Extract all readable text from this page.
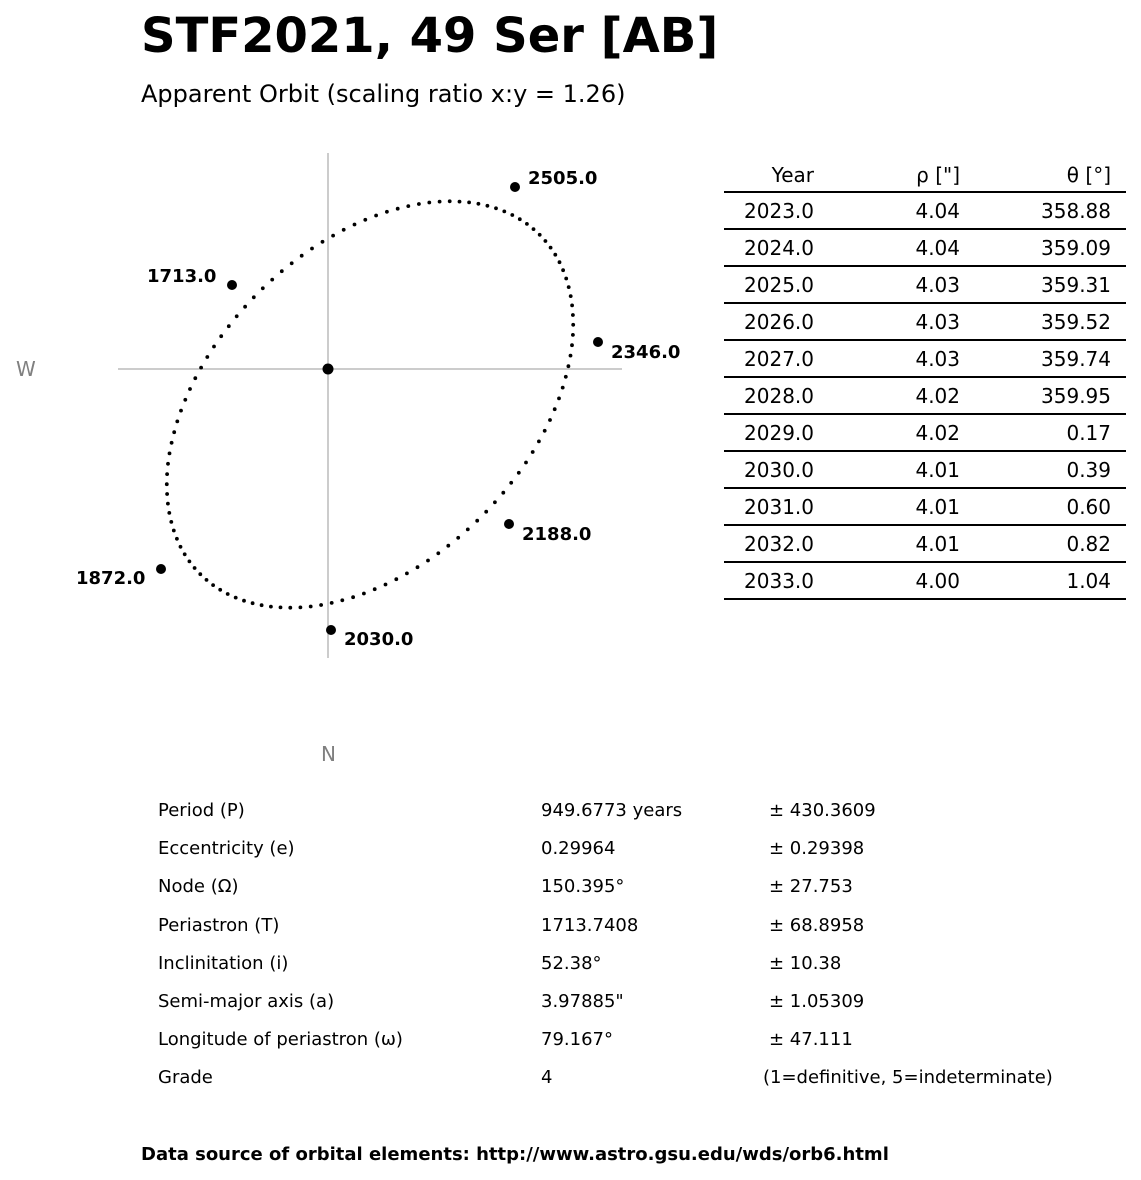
STF2021, 49 Ser [AB]
Apparent Orbit (scaling ratio x:y = 1.26)
2505.0
2346.0
2188.0
2030.0
1872.0
1713.0
W
N
Year	ρ ["]	θ [°]
2023.0	4.04	358.88
2024.0	4.04	359.09
2025.0	4.03	359.31
2026.0	4.03	359.52
2027.0	4.03	359.74
2028.0	4.02	359.95
2029.0	4.02	0.17
2030.0	4.01	0.39
2031.0	4.01	0.60
2032.0	4.01	0.82
2033.0	4.00	1.04
Period (P)	949.6773 years	± 430.3609
Eccentricity (e)	0.29964	± 0.29398
Node (Ω)	150.395°	± 27.753
Periastron (T)	1713.7408	± 68.8958
Inclinitation (i)	52.38°	± 10.38
Semi-major axis (a)	3.97885"	± 1.05309
Longitude of periastron (ω)	79.167°	± 47.111
Grade	4	(1=definitive, 5=indeterminate)
Data source of orbital elements: http://www.astro.gsu.edu/wds/orb6.html
